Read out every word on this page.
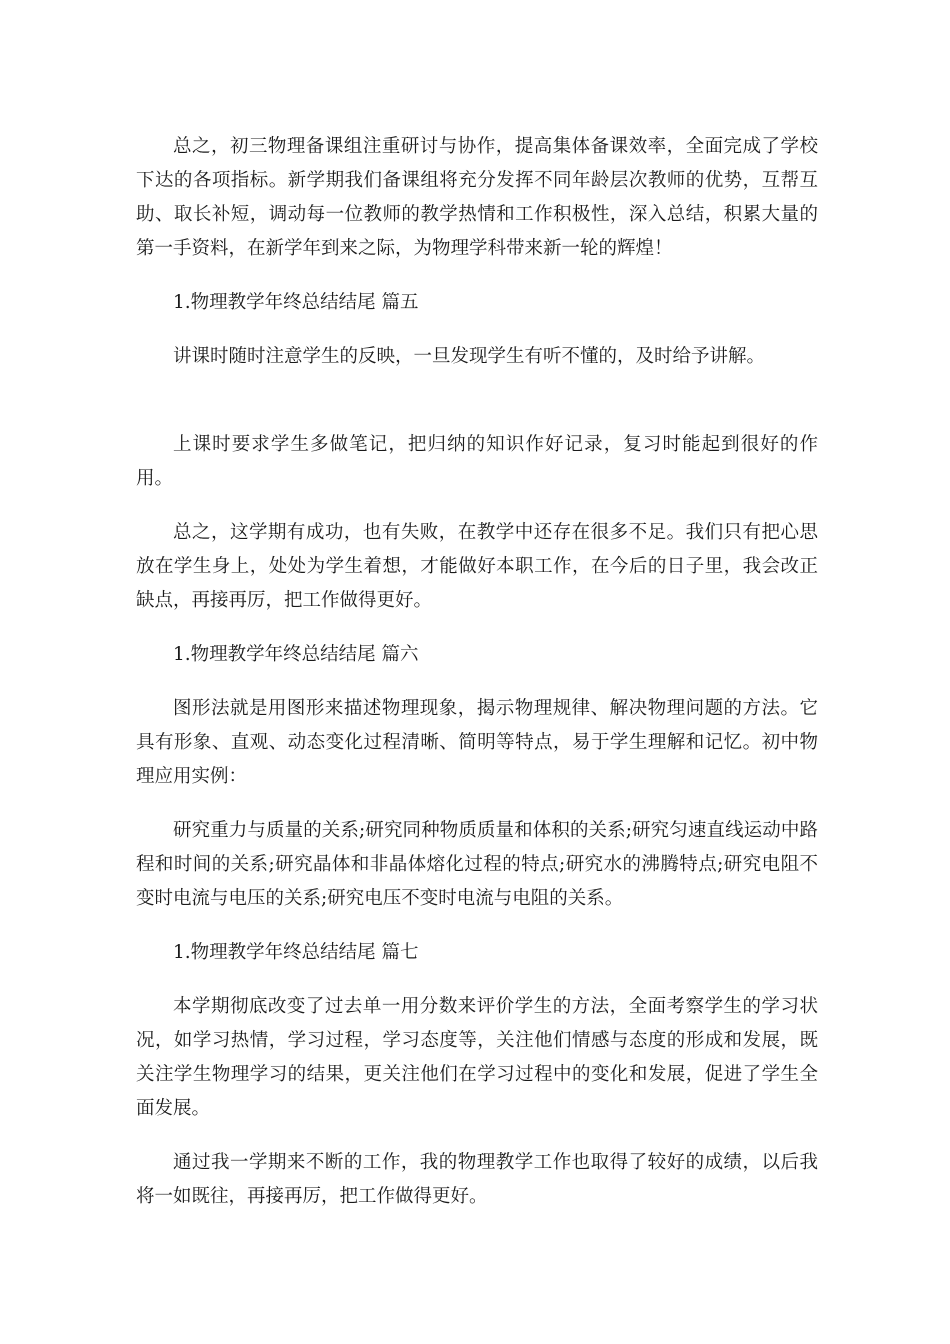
总之，初三物理备课组注重研讨与协作，提高集体备课效率，全面完成了学校下达的各项指标。新学期我们备课组将充分发挥不同年龄层次教师的优势，互帮互助、取长补短，调动每一位教师的教学热情和工作积极性，深入总结，积累大量的第一手资料，在新学年到来之际，为物理学科带来新一轮的辉煌！

1.物理教学年终总结结尾 篇五

讲课时随时注意学生的反映，一旦发现学生有听不懂的，及时给予讲解。

上课时要求学生多做笔记，把归纳的知识作好记录，复习时能起到很好的作用。

总之，这学期有成功，也有失败，在教学中还存在很多不足。我们只有把心思放在学生身上，处处为学生着想，才能做好本职工作，在今后的日子里，我会改正缺点，再接再厉，把工作做得更好。

1.物理教学年终总结结尾 篇六

图形法就是用图形来描述物理现象，揭示物理规律、解决物理问题的方法。它具有形象、直观、动态变化过程清晰、简明等特点，易于学生理解和记忆。初中物理应用实例：

研究重力与质量的关系;研究同种物质质量和体积的关系;研究匀速直线运动中路程和时间的关系;研究晶体和非晶体熔化过程的特点;研究水的沸腾特点;研究电阻不变时电流与电压的关系;研究电压不变时电流与电阻的关系。

1.物理教学年终总结结尾 篇七

本学期彻底改变了过去单一用分数来评价学生的方法，全面考察学生的学习状况，如学习热情，学习过程，学习态度等，关注他们情感与态度的形成和发展，既关注学生物理学习的结果，更关注他们在学习过程中的变化和发展，促进了学生全面发展。

通过我一学期来不断的工作，我的物理教学工作也取得了较好的成绩，以后我将一如既往，再接再厉，把工作做得更好。
